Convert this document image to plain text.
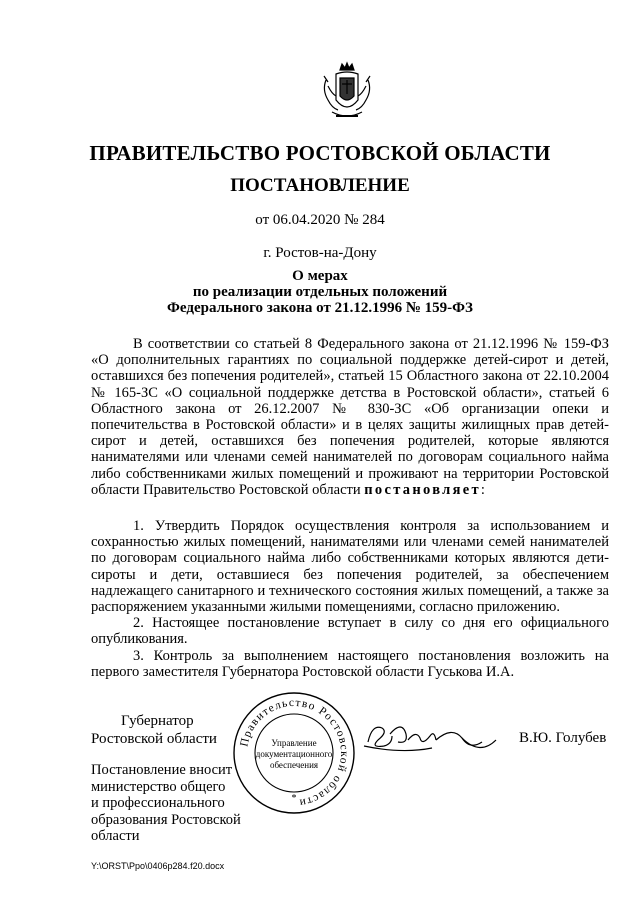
ПРАВИТЕЛЬСТВО РОСТОВСКОЙ ОБЛАСТИ
ПОСТАНОВЛЕНИЕ
от 06.04.2020 № 284
г. Ростов-на-Дону
О мерах
по реализации отдельных положений
Федерального закона от 21.12.1996 № 159-ФЗ

В соответствии со статьей 8 Федерального закона от 21.12.1996 № 159-ФЗ «О дополнительных гарантиях по социальной поддержке детей-сирот и детей, оставшихся без попечения родителей», статьей 15 Областного закона от 22.10.2004 № 165-ЗС «О социальной поддержке детства в Ростовской области», статьей 6 Областного закона от 26.12.2007 № 830-ЗС «Об организации опеки и попечительства в Ростовской области» и в целях защиты жилищных прав детей-сирот и детей, оставшихся без попечения родителей, которые являются нанимателями или членами семей нанимателей по договорам социального найма либо собственниками жилых помещений и проживают на территории Ростовской области Правительство Ростовской области постановляет:

1. Утвердить Порядок осуществления контроля за использованием и сохранностью жилых помещений, нанимателями или членами семей нанимателей по договорам социального найма либо собственниками которых являются дети-сироты и дети, оставшиеся без попечения родителей, за обеспечением надлежащего санитарного и технического состояния жилых помещений, а также за распоряжением указанными жилыми помещениями, согласно приложению.

2. Настоящее постановление вступает в силу со дня его официального опубликования.

3. Контроль за выполнением настоящего постановления возложить на первого заместителя Губернатора Ростовской области Гуськова И.А.

Правительство Ростовской области
Управление
документационного
обеспечения
*
Губернатор
Ростовской области	В.Ю. Голубев
Постановление вносит
министерство общего
и профессионального
образования Ростовской
области
Y:\ORST\Ppo\0406p284.f20.docx
